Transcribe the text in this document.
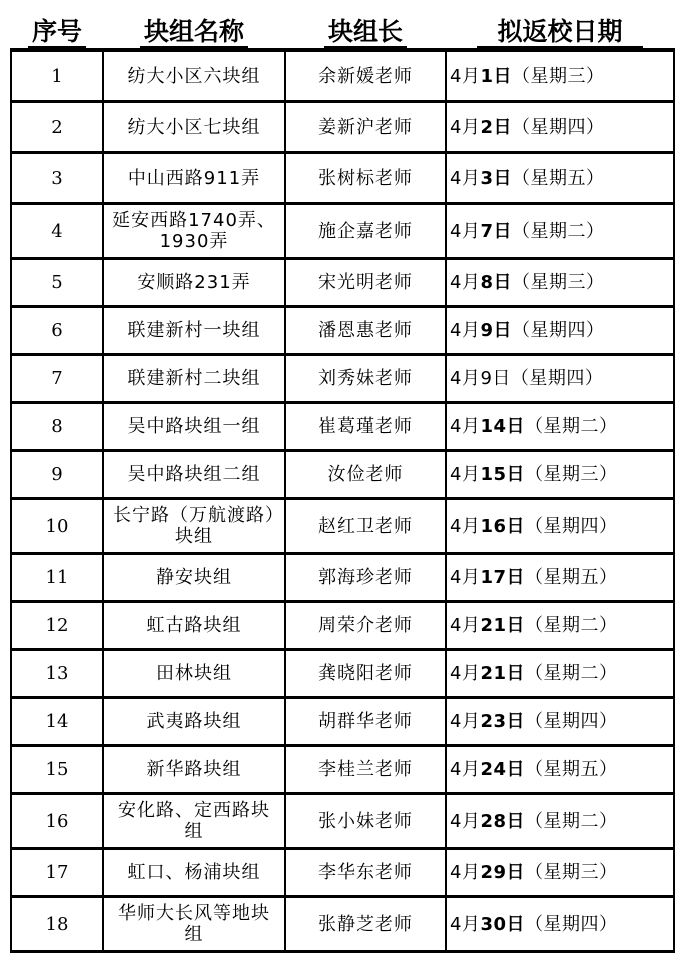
序号	块组名称	块组长	拟返校日期
1	纺大小区六块组	余新媛老师	4月1日（星期三）
2	纺大小区七块组	姜新沪老师	4月2日（星期四）
3	中山西路911弄	张树标老师	4月3日（星期五）
4	延安西路1740弄、1930弄	施企嘉老师	4月7日（星期二）
5	安顺路231弄	宋光明老师	4月8日（星期三）
6	联建新村一块组	潘恩惠老师	4月9日（星期四）
7	联建新村二块组	刘秀妹老师	4月9日（星期四）
8	吴中路块组一组	崔葛瑾老师	4月14日（星期二）
9	吴中路块组二组	汝俭老师	4月15日（星期三）
10	长宁路（万航渡路）块组	赵红卫老师	4月16日（星期四）
11	静安块组	郭海珍老师	4月17日（星期五）
12	虹古路块组	周荣介老师	4月21日（星期二）
13	田林块组	龚晓阳老师	4月21日（星期二）
14	武夷路块组	胡群华老师	4月23日（星期四）
15	新华路块组	李桂兰老师	4月24日（星期五）
16	安化路、定西路块组	张小妹老师	4月28日（星期二）
17	虹口、杨浦块组	李华东老师	4月29日（星期三）
18	华师大长风等地块组	张静芝老师	4月30日（星期四）
